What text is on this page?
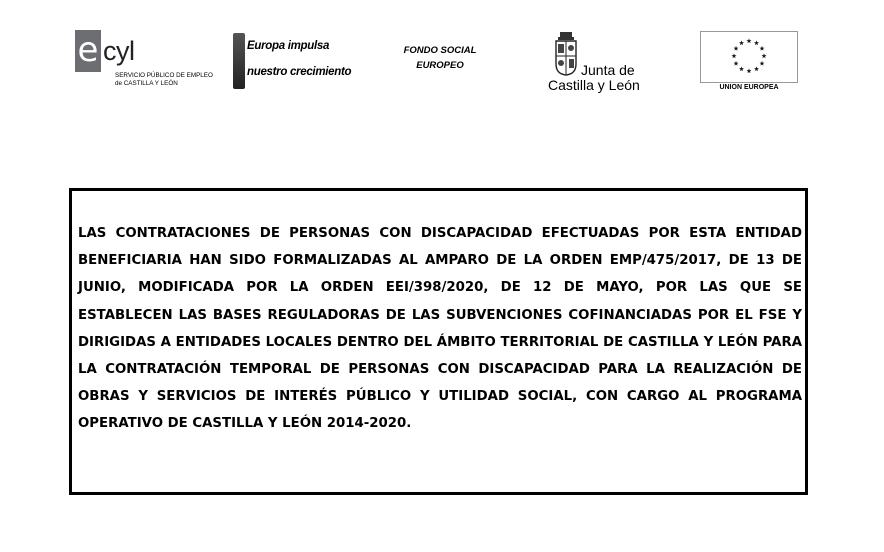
e cyl
SERVICIO PÚBLICO DE EMPLEO
de CASTILLA Y LEÓN
Europa impulsa
nuestro crecimiento
FONDO SOCIAL
EUROPEO	Junta de
Castilla y León	UNION EUROPEA

LAS CONTRATACIONES DE PERSONAS CON DISCAPACIDAD EFECTUADAS POR ESTA ENTIDAD BENEFICIARIA HAN SIDO FORMALIZADAS AL AMPARO DE LA ORDEN EMP/475/2017, DE 13 DE JUNIO, MODIFICADA POR LA ORDEN EEI/398/2020, DE 12 DE MAYO, POR LAS QUE SE ESTABLECEN LAS BASES REGULADORAS DE LAS SUBVENCIONES COFINANCIADAS POR EL FSE Y DIRIGIDAS A ENTIDADES LOCALES DENTRO DEL ÁMBITO TERRITORIAL DE CASTILLA Y LEÓN PARA LA CONTRATACIÓN TEMPORAL DE PERSONAS CON DISCAPACIDAD PARA LA REALIZACIÓN DE OBRAS Y SERVICIOS DE INTERÉS PÚBLICO Y UTILIDAD SOCIAL, CON CARGO AL PROGRAMA OPERATIVO DE CASTILLA Y LEÓN 2014-2020.
